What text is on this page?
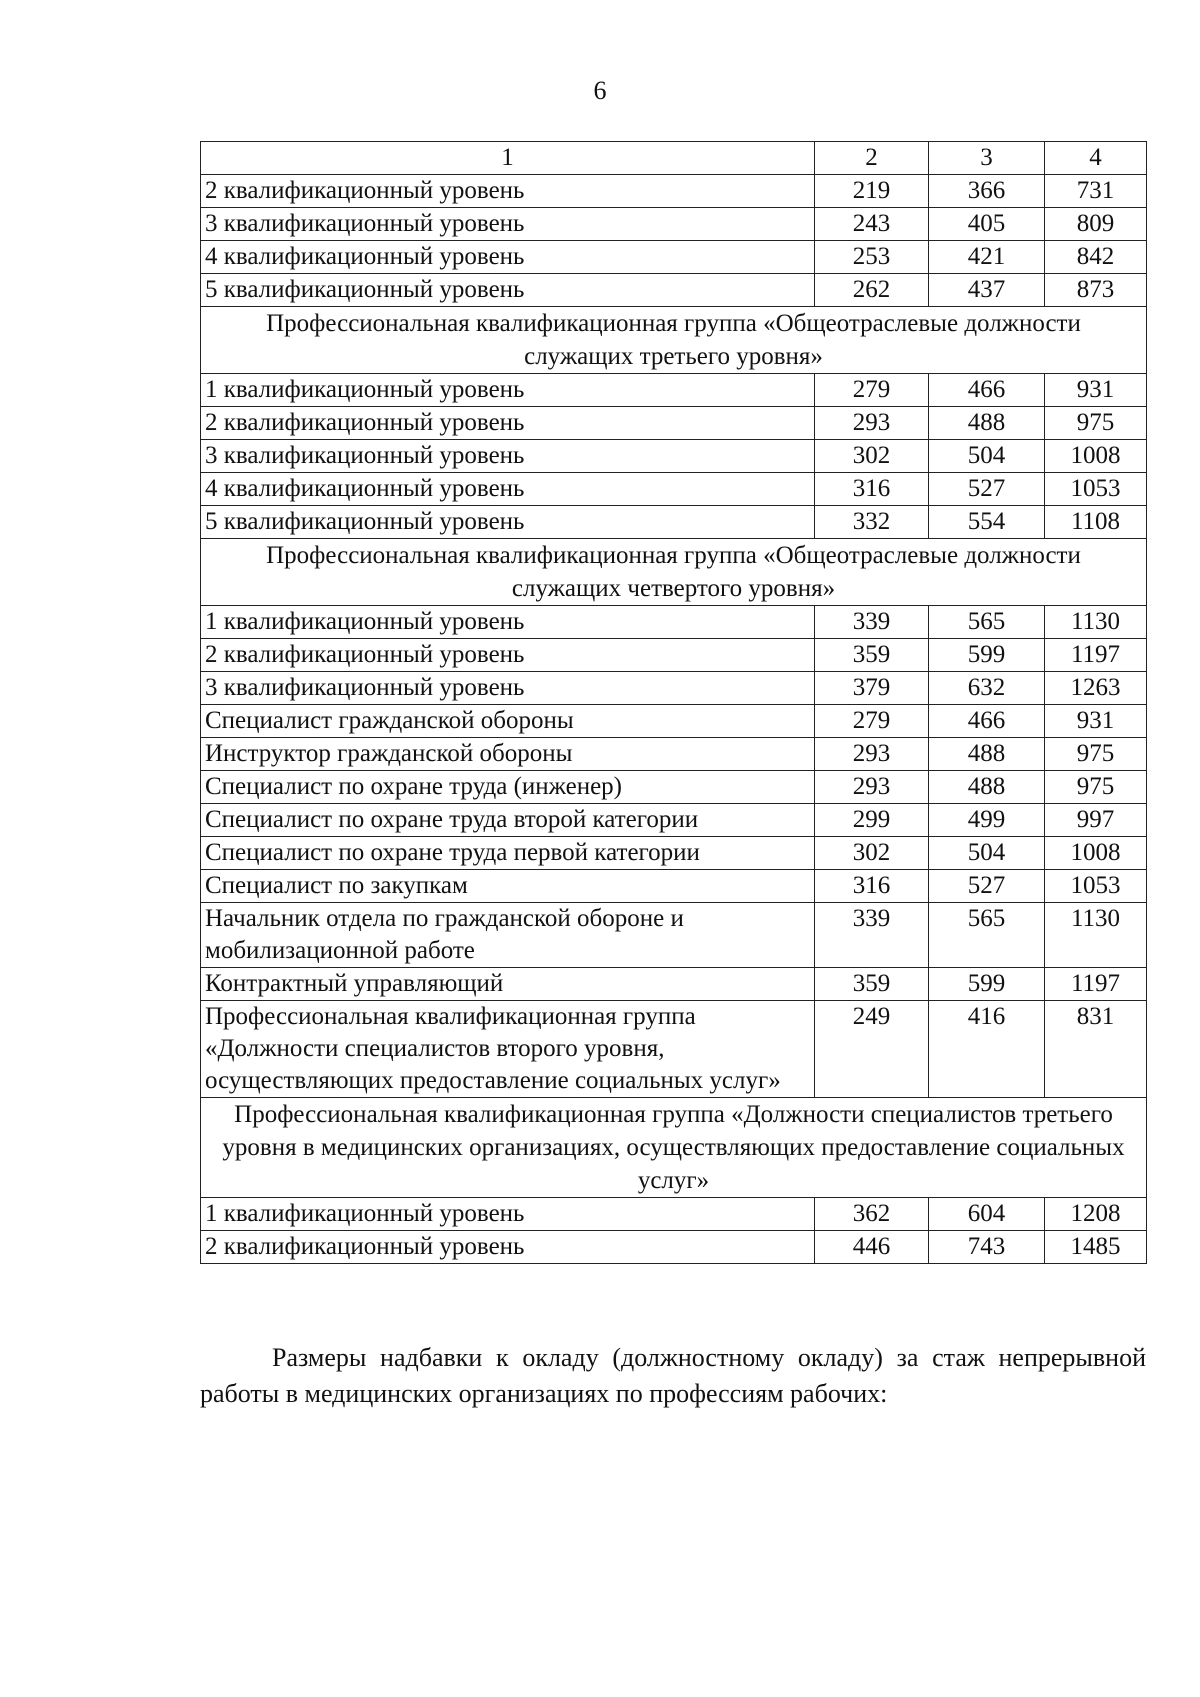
6
1	2	3	4
2 квалификационный уровень	219	366	731
3 квалификационный уровень	243	405	809
4 квалификационный уровень	253	421	842
5 квалификационный уровень	262	437	873
Профессиональная квалификационная группа «Общеотраслевые должности служащих третьего уровня»			
1 квалификационный уровень	279	466	931
2 квалификационный уровень	293	488	975
3 квалификационный уровень	302	504	1008
4 квалификационный уровень	316	527	1053
5 квалификационный уровень	332	554	1108
Профессиональная квалификационная группа «Общеотраслевые должности служащих четвертого уровня»			
1 квалификационный уровень	339	565	1130
2 квалификационный уровень	359	599	1197
3 квалификационный уровень	379	632	1263
Специалист гражданской обороны	279	466	931
Инструктор гражданской обороны	293	488	975
Специалист по охране труда (инженер)	293	488	975
Специалист по охране труда второй категории	299	499	997
Специалист по охране труда первой категории	302	504	1008
Специалист по закупкам	316	527	1053
Начальник отдела по гражданской обороне и мобилизационной работе	339	565	1130
Контрактный управляющий	359	599	1197
Профессиональная квалификационная группа «Должности специалистов второго уровня, осуществляющих предоставление социальных услуг»	249	416	831
Профессиональная квалификационная группа «Должности специалистов третьего уровня в медицинских организациях, осуществляющих предоставление социальных услуг»			
1 квалификационный уровень	362	604	1208
2 квалификационный уровень	446	743	1485

Размеры надбавки к окладу (должностному окладу) за стаж непрерывной работы в медицинских организациях по профессиям рабочих:
